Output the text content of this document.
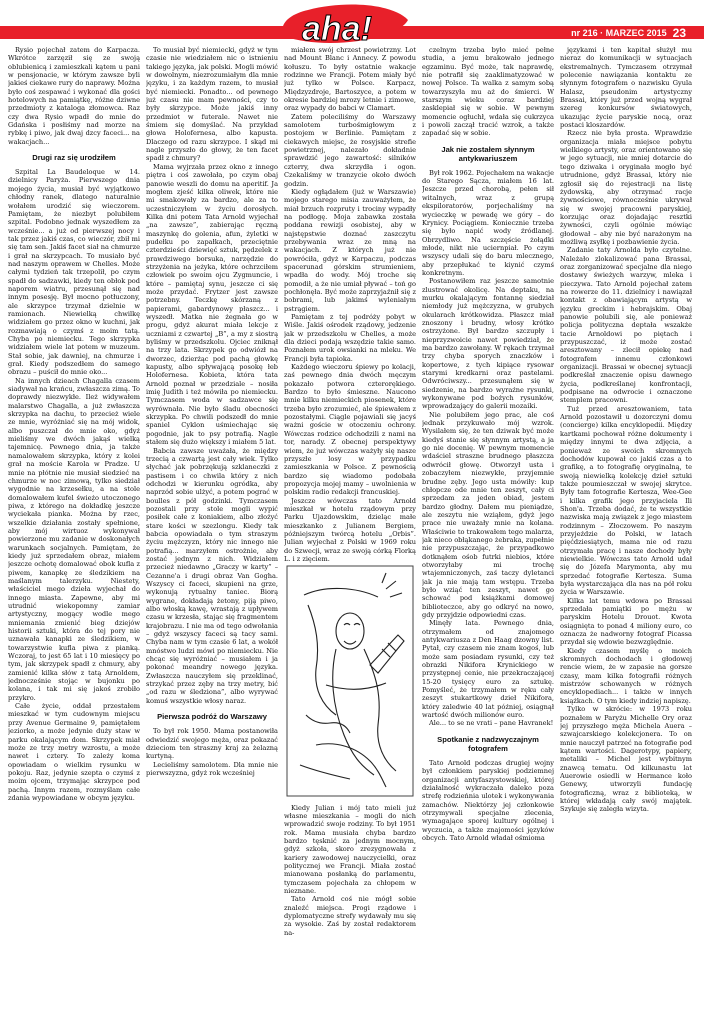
aha!	nr 216 · MARZEC 2015 23

Rysio pojechał zatem do Karpacza. Wkrótce zarzęził się ze swoją oblubienicą i zamieszkali kątem u pani w pensjonacie, w którym zawsze byli jakieś ciekawe rury do naprawy. Można było coś zespawać i wykonać dla gości hotelowych na pamiątkę, różne dziwne przedmioty z kataloga złomowca. Raz czy dwa Rysio wpadł do mnie do Gdańska i posłiśmy nad morze na rybkę i piwo, jak dwaj dzcy faceci... na wakacjach...

Drugi raz się urodziłem

Szpital La Baudeloque w 14. dzielnicy Paryża. Pierwszego dnia mojego życia, musiał być wyjątkowo chłodny ranek, dlatego naturalnie wołałem urodzić się wieczorem. Pamiętam, że niezbyt polubiłem szpital. Podobno jednak wyszedłem za wcześnie... a już od pierwszej nocy i tak przez jakiś czas, co wieczór, zbił mi się tam sen. Jakiś facet siał na chmurze i grał na skrzypcach. To musiało być nad naszym oprawem w Chelles. Może całymi tydzień tak trzepolił, po czym spadł do sadzawki, kiedy ten obłok pod naporem wiatru, przesunął się nad innym posesję. Był mocno potłuczony, ale skrzypce trzymał dzielnie w ramionach. Niewielką chwilkę widziałem go przez okno w kuchni, jak rozmawiają o czymś z moim tatą. Chyba po niemiecku. Tego skrzypka widziałem wiele lat potem w muzeum. Stał sobie, jak dawniej, na chmurze i grał. Kiedy podszedłem do samego obrazu – puścił do mnie oko...

Na innych dzieach Chagalla czasem siadywał na krańcu, zwłaszcza zimą. To doprawdy niezwykłe. Ileż widywałem malarstwo Chagalla, a już zwłaszcza skrzypka na dachu, to przecież wiele ze mnie, wyróżniać się na mój widok, albo puszczał do mnie oko, gdyż mieliśmy we dwóch jakąś wielką tajemnicę. Pewnego dnia, ja także namalowałem skrzypka, który z kolei grał na moście Karola w Pradze. U mnie na płótnie nie musiał siedzieć na chmurze w noc zimową, tylko siedział wygodnie na krzesełku, a na stole domalowałem kufel świeżo utoczonego piwa, z którego na dokładkę jeszcze wyciekała pianka. Można by rzec, wszelkie działania zostały spełnione, aby mój wirtuoz wykonywał powierzone mu zadanie w doskonałych warunkach socjalnych. Pamiętam, że kiedy już sprzedałem obraz, miałem jeszcze ochotę domalować obok kufla z piwem, kanapkę ze śledzikiem na maślanym talerzyku. Niestety, właściciel mego dzieła wyjechał do innego miasta. Zapewne, aby mi utrudnić wiekopomny zamiar artystyczny, mogący wodle mego mniemania zmienić bieg dziejów historii sztuki, która do tej pory nie uznawała kanapki ze śledzikiem, w towarzystwie kufla piwa z pianką. Wczoraj, to jest 65 lat i 10 miesięcy po tym, jak skrzypek spadł z chmury, aby zamienić kilka słów z tatą Arnoldem, jednocześnie stojąc w bujonku po kolana, i tak mi się jakoś zrobiło przykro.

Całe życie, oddał przestałem mieszkać w tym cudownym miejscu przy Avenue Germaine 9, pamiętałem jeziorko, a może jedynie duży staw w parku okalającym dom. Skrzypek miał może ze trzy metry wzrostu, a może nawet i cztery. To zależy koma opowiadam o wielkim rysunku w pokoju. Raz, jedynie szepta o czymś z moim ojcem, trzymając skrzypce pod pachą. Innym razem, rozmyślam całe zdania wypowiadane w obcym języku.

To musiał być niemiecki, gdyż w tym czasie nie wiedziałem nic o istnieniu takiego języka, jak polski. Mogli mówić w dowolnym, niezrozumiałym dla mnie języku, i za każdym razem, to musiał być niemiecki. Ponadto... od pewnego już czasu nie mam pewności, czy to były skrzypce. Może jakiś inny przedmiot w futerale. Nawet nie śmiem się domyślać. Na przykład głowa Holofernesa, albo kapusta. Dlaczego od razu skrzypce. I skąd mi nagle przyszło do głowy, że ten facet spadł z chmury?

Mama wyjrzała przez okno z innego piętra i coś zawołała, po czym obaj panowie weszli do domu na aperitif. Ja mogłem zjeść kilka oliwek, które nie mi smakowały za bardzo, ale za to uczestniczyłem w życiu dorosłych. Kilka dni potem Tata Arnold wyjechał „na zawsze”, zabierając ręczną maszynkę do golenia, afun, żyletki w pudełku po zapałkach, przeciętnie czterdzieści dziewięć sztuk, pędzelek z prawdziwego borsuka, narzędzie do strzyżenia na jeżyka, które ochrzciłem człowiek po swoim ojcu Zygmuncie, i które – pamiętaj synu, jeszcze ci się może przydać. Frytzer jest zawsze potrzebny. Teczkę skórzaną z papierami, gabardynowy płaszcz... i wyszedł. Matka nie żegnała go w progu, gdyż akurat miała lekcje z uczniami z czwartej „B”, a my z siostrą byliśmy w przedszkolu. Ojciec zniknął na trzy lata. Skrzypek go odwiózł na dworzec, dzierżąc pod pachą głowkę kapusty, albo spływającą posokę łeb Holofernesa. Kobieta, która tata Arnold poznał w przedziale – nosiła imię Judith i też mówiła po niemiecku. Tymczasem woda w sadzawce się wyrównała. Nie było śladu obecności skrzypka. Po chwili podszedł do mnie spaniel Cyklon uśmiechając się pogodnie, jak to psy potrafią. Nagle stałem się dużo większy i miałem 5 lat.

Babcia zawsze uważała, że między trzecią a czwartą jest cały wiek. Tylko słychać jak pobrzękują szklaneczki z pastisem i co chwila który z nich odchodzi w kierunku ogródka, aby naprzód sobie ulżyć, a potem pograć w boulles z pół godzinki. Tymczasem pozostali przy stole mogli wypić posiłek całe z koniakiem, albo złożyć stare kości w szezlongu. Kiedy tak babcia opowiadała o tym straszym życiu mężczyzn, który nic innego nie potrafią... marzyłem ostrożnie, aby zostać jednym z nich. Widziałem przecież niedawno „Graczy w karty” – Cezanne'a i drugi obraz Van Gogha. Wszyscy ci faceci, skupieni na grze, wykonują rytualny taniec. Biorą wygrane, dokładają żetony, piją piwo, albo włoską kawę, wrastają z upływem czasu w krzesła, stając się fragmentem krajobrazu. I nie ma od tego odwołania – gdyż wszyscy faceci są tacy sami. Chyba nam w tym czasie 6 lat, a wokół mnóstwo ludzi mówi po niemiecku. Nie chcąc się wyróżniać – musiałem i ja pokonać meandry nowego języka. Zwłaszcza nauczyłem się przeklinać, strzykać przez zęby na trzy metry, bić „od razu w śledziona”, albo wyrywać komuś wszystkie włosy naraz.

Pierwsza podróż do Warszawy

To był rok 1950. Mama postanowiła odwiedzić swojego męża, oraz pokazać dzieciom ten straszny kraj za żelazną kurtyną.

Lecieliśmy samolotem. Dla mnie nie pierwszyzna, gdyż rok wcześniej

miałem swój chrzest powietrzny. Lot nad Mount Blanc i Annecy. Z powodu kołuszu. To były ostatnie wakacje rodzinne we Francji. Potem miały być już tylko w Polsce. Karpacz, Międzyzdroje, Bartoszyce, a potem w okresie bardziej mrozy letnie i zimowe, oraz wypady do babci w Clamart.

Zatem poleciliśmy do Warszawy samolotem turbośmigłowym z postojem w Berlinie. Pamiętam z ciekawych miejsc, że rosyjskie strefie powietrznej, nalezało dokładnie sprawdzić jego zawartość: silników czterry, dwa skrzydła i ogon. Czekaliśmy w tranzycie około dwóch godzin.

Kiedy ogłądałem (już w Warszawie) mojego starego misia zauważyłem, że miał brzuch rozpruty i trociny wypadły na podłogę. Moja zabawka została poddana rewizji osobistej, aby w najstępstwie doznać zaszczytu przebywania wraz ze mną na wakacjach. Z których już nie powróciła, gdyż w Karpaczu, podczas spacerunad górskim strumieniem, wpadła do wody. Mój troche się pomodił, a że nie umiał pływać – toń go pochłonęła. Być może zaprzyjaźnił się z bobrami, lub jakimś wylenialym pstrągiem.

Pamiętam z tej podróży pobyt w Wiśle. Jakiś ośrodek rządowy, jedzenie jak w przedszkolu w Chelles, a może dla dzieci podają wszędzie takie samo. Poznałem urok owsianki na mleku. We Francji była tapioka.

Każdego wieczoru śpiewy po kolacji, zaś pewnego dnia dwóch męczym pokazało potwora czterorękiego. Bardzo to było śmieszne. Naucono mnie kilku niemieckich piosenek, które trzeba było zrozumieć, ale śpiewałem z pozostałymi. Ciągle pojawiali się jacyś ważni goście w otoczeniu ochrony. Wówczas rodzice odchodzili z nami na tor, narady. Z obecnej perspektywy wiem, że już wówczas ważyły się nasze przyszłe losy w przypadku zamieszkania w Polsce. Z pewnością bardzo się wiadomo podobała propozycja mojej mamy – uwolnienia w polskim radio redakcji francuskiej.

Jeszcze wówczas tato Arnold mieszkał w hotelu rządowym przy Parku Ujazdowskim, dzieląc małe mieszkanko z Julianem Bergiem, późniejszym twórcą hotelu „Orbis”. Julian wyjechał z Polski w 1969 roku do Szwecji, wraz ze swoją córką Florką L. i z zięciem.

Kiedy Julian i mój tato mieli już własne mieszkania – mogli do nich wprowadzić swoje rodziny. To był 1951 rok. Mama musiała chyba bardzo bardzo tęsknić za jednym mocnym, gdyż szkoła, skoro zrezygnowała z kariery zawodowej nauczycielki, oraz politycznej we Francji. Miała zostać mianowana posłanką do parlamentu, tymczasem pojechała za chłopem w nieznane.

Tato Arnold coś nie mógł sobie znaleźć miejsca. Progi rządowe i dyplomatyczne strefy wydawały mu się za wysokie. Zaś by został redaktorem na-

czelnym trzeba było mieć pełne studia, a jemu brakowało jednego egzaminu. Być może, tak naprawdę, nie potrafił się zaaklimatyzować w nowej Polsce. Ta walka z samym sobą towarzyszyła mu aż do śmierci. W starszym wieku coraz bardziej zasklepiał się w sobie. W pewnym momencie ogłuchł, wdała się cukrzyca i powoli zaczął tracić wzrok, a także zapadać się w sobie.

Jak nie zostałem słynnym antykwariuszem

Był rok 1962. Pojechałem na wakacje do Starego Sącza, miałem 16 lat. Jeszcze przed chorobą, pełen sił witalnych, wraz z grupą ekspiloratorów, porjechaliśmy na wycieczkę w pewadę we góry – do Krynicy. Pociągiem. Koniecznie trzeba się było napić wody źródlanej. Obrzydliwo. Na szczęście żołądki młode, nikt nie uciernpiał. Po czym wszyscy udali się do baru mlecznego, aby przepłukać te kiynić czymś konkretnym.

Postanowiłem raz jeszcze samotnie zlustrować okolicę. Na deptaku, na murku okalającym fontannę siedział niemłody już mężczyzna, w grubych okularach krótkowidza. Płaszcz miał znoszony i brudny, włosy krótko ostrzyżone. Był bardzo szczupły i nieprzyzwoicie nawet powiedział, że ma bardzo zawołany. W rękach trzymał trzy chyba sporych znaczków i kopertowe, z tych kipiące rysowar starymi kredkarni oraz pastelami. Odwróciwszy... przesunąłem się w siedzenie, na bardzo wyraźne rysunki, wykonywane pod bożych rysunków, wprowadzający do galerii mozaiki.

Nie polubiłem jego prac, ale coś jednak przykuwało mój wzrok. Wysilałem się, że ten dziwak być może kiedyś stanie się słynnym artystą, a ja go nie docenię. W pewnym momencie wdaściel straszne brudnego płaszcza odwrócił głowę. Otworzył usta i zobaczyłem niezwykłe, przyjemnie brudne zęby. Jego usta mówiły: kup chłopcze ode mnie ten zeszyt, cały ci sprzedam za jeden obiad, jestem bardzo głodny. Dałem mu pieniądze, ale zeszytu nie wziąłem, gdyż jego prace nie uważały mnie na kolana. Właściwie to trakowałem tego malarza, jak nieco obłąkanego żebraka, zupełnie nie przypuszczając, że przypadkowo dotknąłem ośob futrki niebios, które otworzyłaby mi trochę wtajemniczonych, zaś taczy dyletanci jak ja nie mają tam wstępu. Trzeba było wziąć ten zeszyt, nawet go schować pod książkami domowej biblioteczce, aby go odkryć na nowo, gdy przyjdzie odpowiedni czas.

Minęły lata. Pewnego dnia, otrzymałem od znajomego antykwariusza z Den Haag dzowny list. Pytał, czy czasem nie znam kogoś, lub może sam posiadam rysunki, czy też obrazki Nikifora Krynickiego w przystępnej cenie, nie przekraczającej 15-20 tysięcy euro za sztukę. Pomyśleć, że trzymałem w ręku cały zeszyt stukartkowy dzieł Nikifora, który zaledwie 40 lat później, osiągnął wartość dwóch milionów euro.

Ale... to se ne vrati – pane Havranek!

Spotkanie z nadzwyczajnym fotografem

Tato Arnold podczas drugiej wojny był członkiem paryskiej podziemnej organizacji antyfaszystowskiej, której działalność wykraczała daleko poza strefę rodzieńnia ulotek i wykonywania zamachów. Niektórzy jej członkowie otrzymywali specjalne zlecenia, wymagające sporej kultury ogólnej i wyczucia, a także znajomości języków obcych. Tato Arnold władał ośmioma

językami i ten kapitał służył mu nieraz do komunikacji w sytuacjach ekstremalnych. Tymczasem otrzymał polecenie nawiązania kontaktu ze słynnym fotografem o nazwisku Gyula Halasz, pseudonim artystyczny Brassai, który już przed wojną wygrał szereg konkursów światowych, ukazując życie paryskie nocą, oraz postaci kloszardów.

Rzecz nie była prosta. Wprawdzie organizacja miała miejsce pobytu wielkiego artysty, oraz orientowano się w jego sytuacji, nie mniej dotarcie do tego dziwaka i oryginała mogło być utrudnione, gdyż Brassai, który nie zgłosił się do rejestracji na listę żydowską, aby otrzymać racje żywnościowe, równocześnie ukrywał się w swojej pracowni paryskiej, korzując oraz dojadając resztki żywności, czyli ogólnie mówiąc głodował – aby nie być narażonym na możliwą zsyłkę i pozbawienie życia.

Zadanie taty Arnolda było czytelne. Należało zlokalizować pana Brassai, oraz zorganizować specjalne dla niego dostawy świeżych warzyw, mleka i pieczywa. Tato Arnold pojechał zatem na rowerze do 11. dzielnicy i nawiązał kontakt z obawiającym artystą w języku greckim i hebrajskim. Obaj panowie polubili się, ale ponieważ policja polityczna deptała wszakże tacie Arnoldowi po piętach i przypuszczać, iż może zostać aresztowany – zlecił opiekę nad fotografem innemu członkowi organizacji. Brassai w obecnej sytuacji podkreślał znaczenie opisu dawnego życia, podkreślanej konfrontacji, podpisane na odwrocie i oznaczone stemplem pracowni.

Tuż przed aresztowaniem, tata Arnold pozostawił u dozorczyni domu (concierge) kilka encyklopedii. Między kartkami pochował różne dokumenty i między innymi te dwa zdjęcia, a ponieważ ze swoich skromnych dochodów kupował co jakiś czas a to grafikę, a to fotografię oryginalną, te swoją niewielką kolekcję dzieł sztuki także poumieszczał w swojej skrytce. Były tam fotografie Kertesza, Wee-Gee i kilka grafik jego przyjaciela Ili Shon'a. Trzeba dodać, że te wszystkie nazwiska mają związek z jego miastem rodzinnym – Złoczowem. Po naszym przyjeździe do Polski, w latach pięćdziesiątych, mama nie od razu otrzymała pracę i nasze dochody były niewielkie. Wówczas tato Arnold udał się do Józefa Marymonta, aby mu sprzedać fotografie Kertesza. Suma była wystarczająca dla nas na pół roku życia w Warszawie.

Kilka lat temu wdowa po Brassai sprzedała pamiątki po mężu w paryskim Hotelu Drouot. Kwota osiągnięta to ponad 4 miliony euro, co oznacza że nadworny fotograf Picassa przydał się wdowie bezwzględnie.

Kiedy czasem myślę o moich skromnych dochodach i głodowej rencie wiem, że w zapasie na gorsze czasy, mam kilka fotografii różnych mistrzów schowanych w różnych encyklopediach... i także w innych książkach. O tym kiedy indziej napiszę.

Tylko w skrócie: w 1973 roku poznałem w Paryżu Michelle Ory oraz jej przyszłego męża Michela Auera – szwajcarskiego kolekcjonera. To on mnie nauczył patrzeć na fotografie pod kątem wartości. Dagerotypy, papiery, metaliki – Michel jest wybitnym znawcą tematu. Od kilkunastu lat Auerowie osiedli w Hermance koło Genewy, utworzyli fundację fotograficzną, wraz z biblioteką, w której wkładają cały swój majątek. Szykuje się zaległa wizyta.
